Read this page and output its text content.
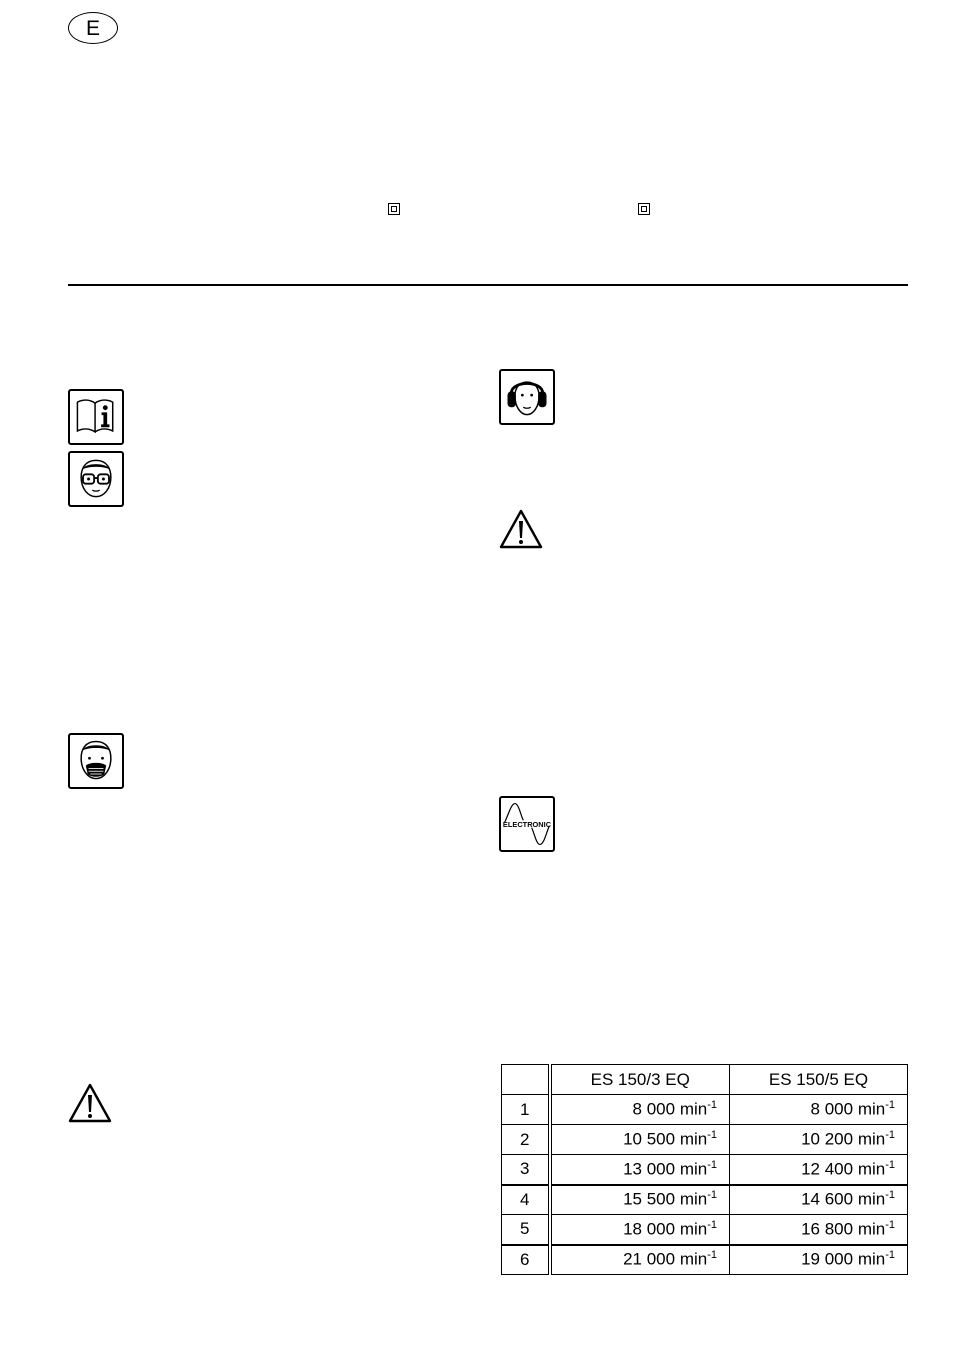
E
ELECTRONIC
	ES 150/3 EQ	ES 150/5 EQ
1	8 000 $\min^{-1}$	8 000 $\min^{-1}$
2	10 500 $\min^{-1}$	10 200 $\min^{-1}$
3	13 000 $\min^{-1}$	12 400 $\min^{-1}$
4	15 500 $\min^{-1}$	14 600 $\min^{-1}$
5	18 000 $\min^{-1}$	16 800 $\min^{-1}$
6	21 000 $\min^{-1}$	19 000 $\min^{-1}$
